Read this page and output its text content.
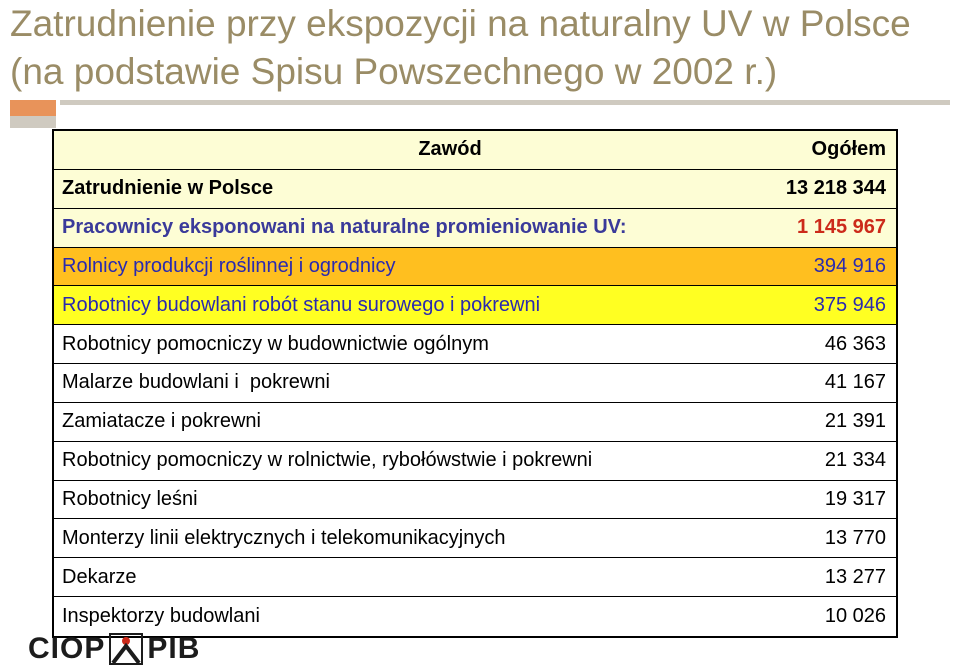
Zatrudnienie przy ekspozycji na naturalny UV w Polsce
(na podstawie Spisu Powszechnego w 2002 r.)
Zawód	Ogółem
Zatrudnienie w Polsce	13 218 344
Pracownicy eksponowani na naturalne promieniowanie UV:	1 145 967
Rolnicy produkcji roślinnej i ogrodnicy	394 916
Robotnicy budowlani robót stanu surowego i pokrewni	375 946
Robotnicy pomocniczy w budownictwie ogólnym	46 363
Malarze budowlani i  pokrewni	41 167
Zamiatacze i pokrewni	21 391
Robotnicy pomocniczy w rolnictwie, rybołówstwie i pokrewni	21 334
Robotnicy leśni	19 317
Monterzy linii elektrycznych i telekomunikacyjnych	13 770
Dekarze	13 277
Inspektorzy budowlani	10 026
CIOP PIB
